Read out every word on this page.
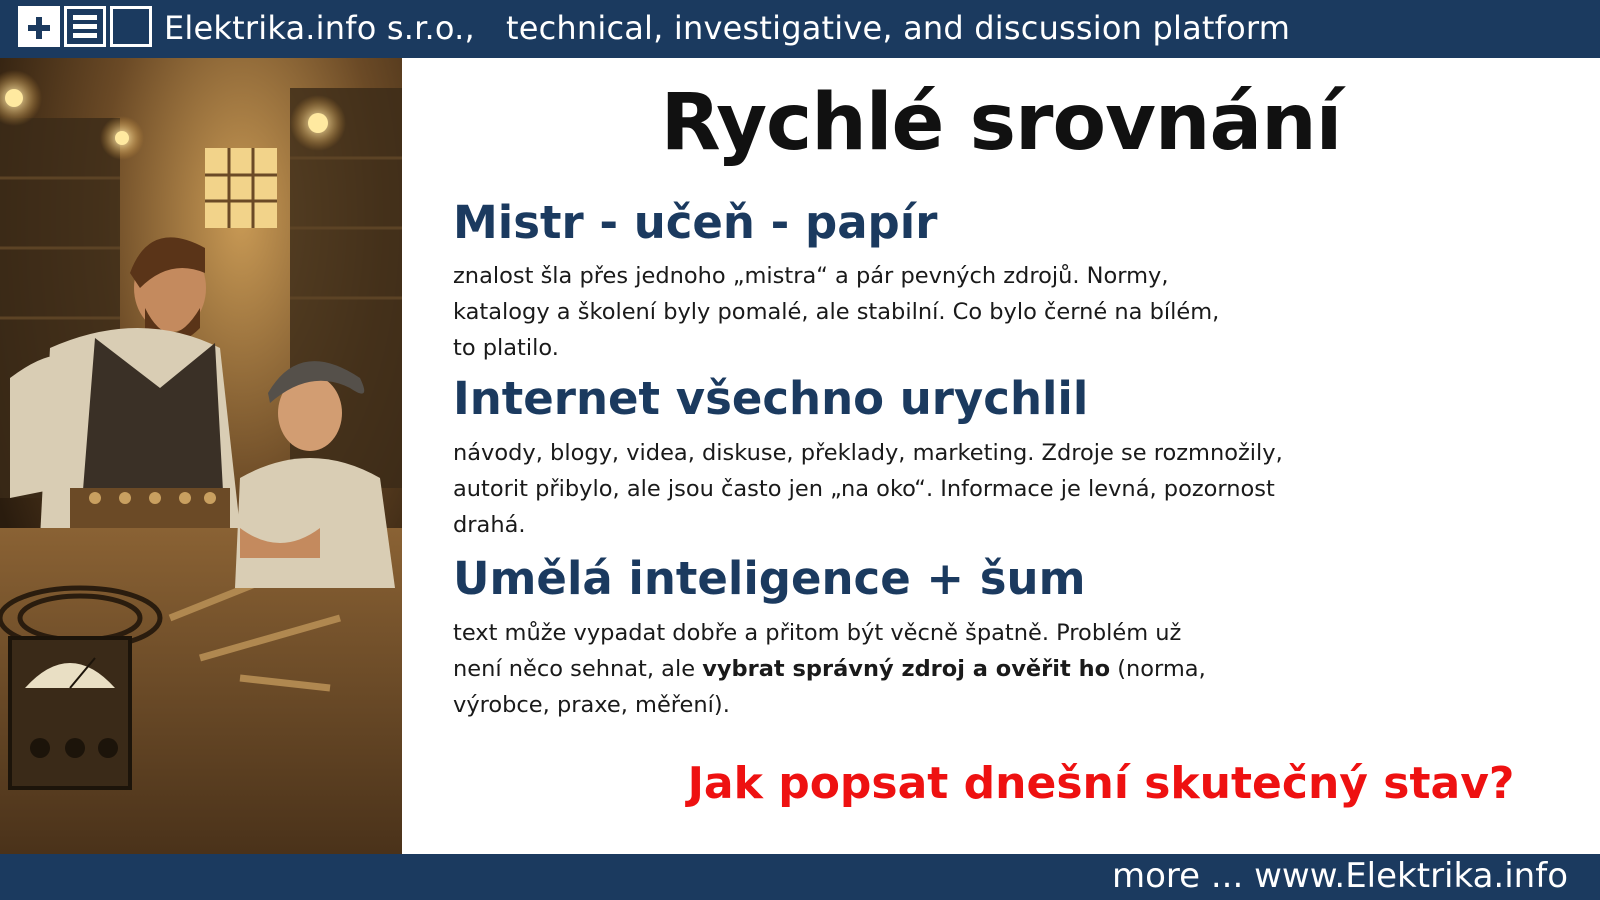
Elektrika.info s.r.o.,   technical, investigative, and discussion platform
Rychlé srovnání
Mistr - učeň - papír
znalost šla přes jednoho „mistra“ a pár pevných zdrojů. Normy,
katalogy a školení byly pomalé, ale stabilní. Co bylo černé na bílém,
to platilo.
Internet všechno urychlil
návody, blogy, videa, diskuse, překlady, marketing. Zdroje se rozmnožily,
autorit přibylo, ale jsou často jen „na oko“. Informace je levná, pozornost
drahá.
Umělá inteligence + šum
text může vypadat dobře a přitom být věcně špatně. Problém už
není něco sehnat, ale vybrat správný zdroj a ověřit ho (norma,
výrobce, praxe, měření).
Jak popsat dnešní skutečný stav?
more ... www.Elektrika.info
